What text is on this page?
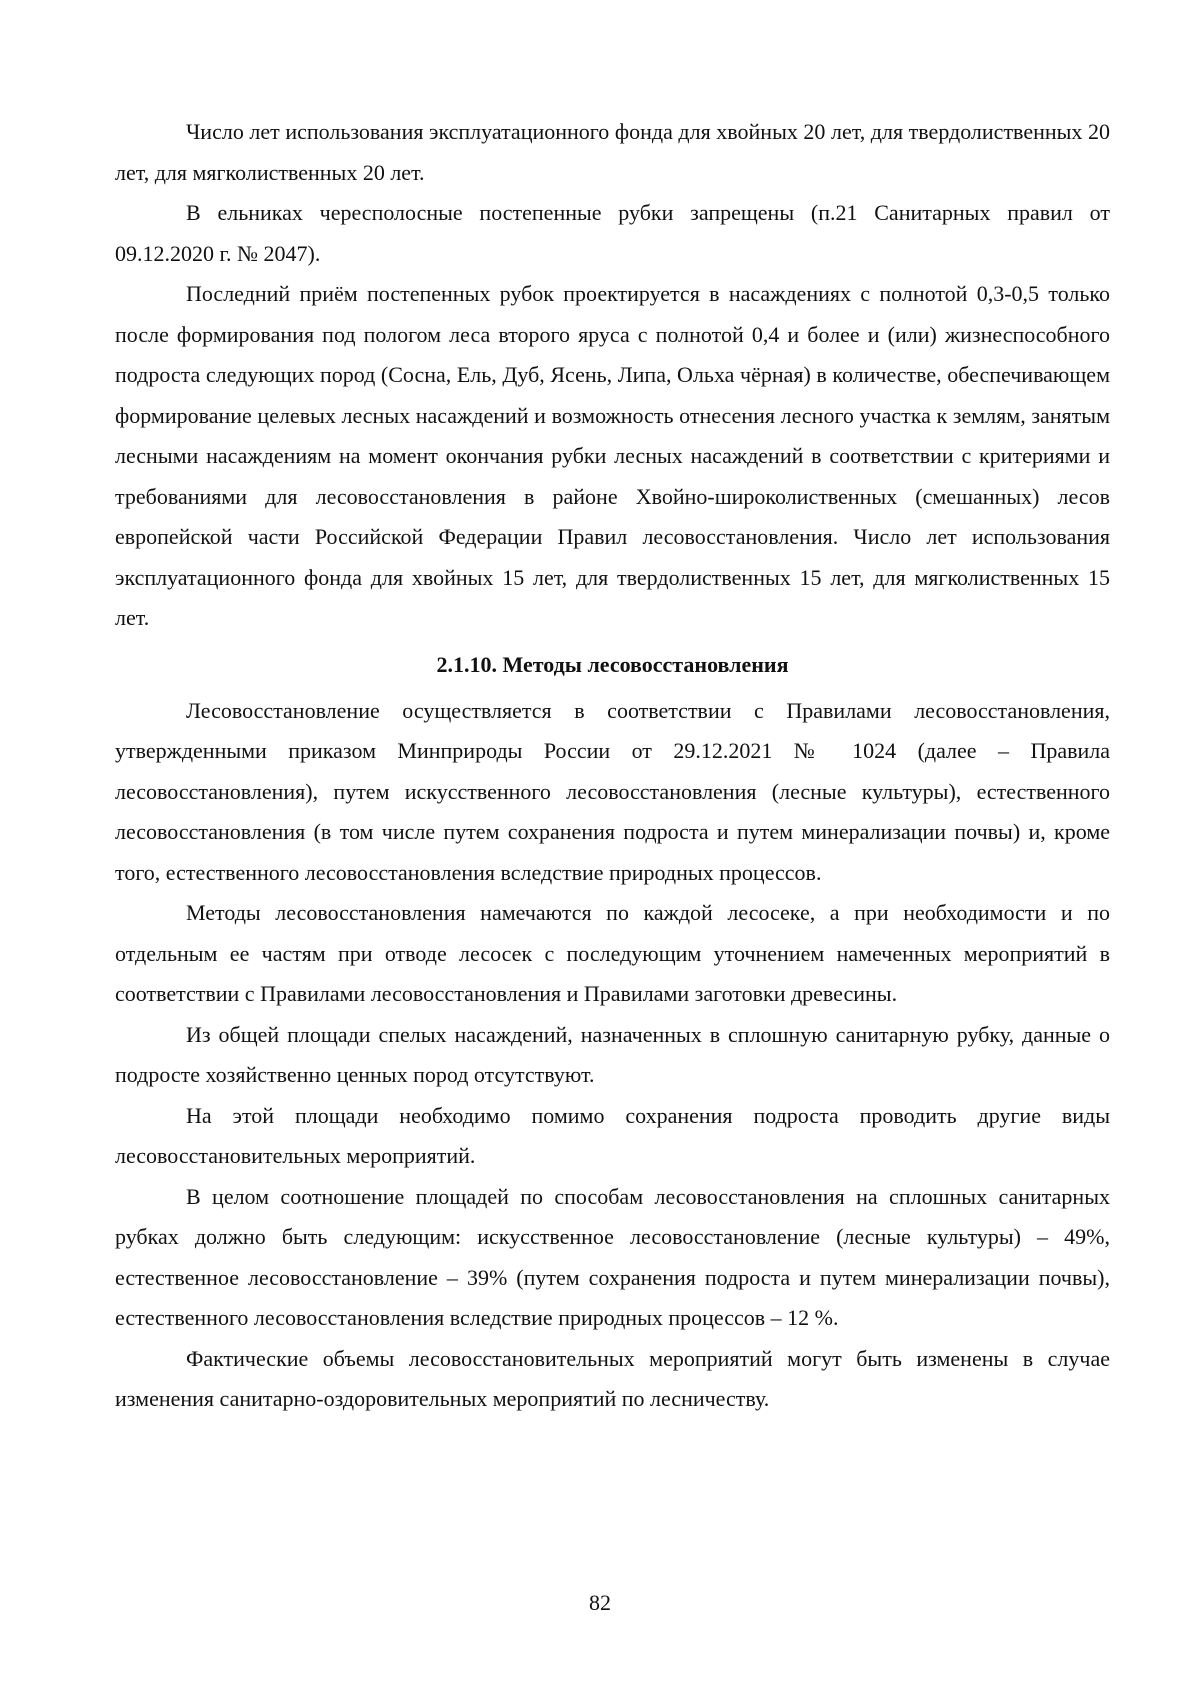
Число лет использования эксплуатационного фонда для хвойных 20 лет, для твердолиственных 20 лет, для мягколиственных 20 лет.

В ельниках чересполосные постепенные рубки запрещены (п.21 Санитарных правил от 09.12.2020 г. № 2047).

Последний приём постепенных рубок проектируется в насаждениях с полнотой 0,3-0,5 только после формирования под пологом леса второго яруса с полнотой 0,4 и более и (или) жизнеспособного подроста следующих пород (Сосна, Ель, Дуб, Ясень, Липа, Ольха чёрная) в количестве, обеспечивающем формирование целевых лесных насаждений и возможность отнесения лесного участка к землям, занятым лесными насаждениям на момент окончания рубки лесных насаждений в соответствии с критериями и требованиями для лесовосстановления в районе Хвойно-широколиственных (смешанных) лесов европейской части Российской Федерации Правил лесовосстановления. Число лет использования эксплуатационного фонда для хвойных 15 лет, для твердолиственных 15 лет, для мягколиственных 15 лет.

2.1.10. Методы лесовосстановления

Лесовосстановление осуществляется в соответствии с Правилами лесовосстановления, утвержденными приказом Минприроды России от 29.12.2021 № 1024 (далее – Правила лесовосстановления), путем искусственного лесовосстановления (лесные культуры), естественного лесовосстановления (в том числе путем сохранения подроста и путем минерализации почвы) и, кроме того, естественного лесовосстановления вследствие природных процессов.

Методы лесовосстановления намечаются по каждой лесосеке, а при необходимости и по отдельным ее частям при отводе лесосек с последующим уточнением намеченных мероприятий в соответствии с Правилами лесовосстановления и Правилами заготовки древесины.

Из общей площади спелых насаждений, назначенных в сплошную санитарную рубку, данные о подросте хозяйственно ценных пород отсутствуют.

На этой площади необходимо помимо сохранения подроста проводить другие виды лесовосстановительных мероприятий.

В целом соотношение площадей по способам лесовосстановления на сплошных санитарных рубках должно быть следующим: искусственное лесовосстановление (лесные культуры) – 49%, естественное лесовосстановление – 39% (путем сохранения подроста и путем минерализации почвы), естественного лесовосстановления вследствие природных процессов – 12 %.

Фактические объемы лесовосстановительных мероприятий могут быть изменены в случае изменения санитарно-оздоровительных мероприятий по лесничеству.

82
